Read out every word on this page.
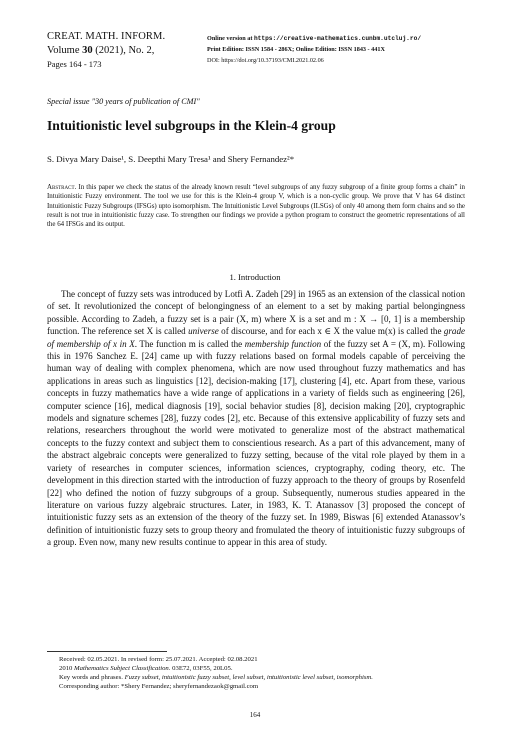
CREAT. MATH. INFORM.
Volume 30 (2021), No. 2,
Pages 164 - 173
Online version at https://creative-mathematics.cunbm.utcluj.ro/
Print Edition: ISSN 1584 - 286X; Online Edition: ISSN 1843 - 441X
DOI: https://doi.org/10.37193/CMI.2021.02.06
Special issue "30 years of publication of CMI"
Intuitionistic level subgroups in the Klein-4 group
S. Divya Mary Daise¹, S. Deepthi Mary Tresa¹ and Shery Fernandez²*
Abstract. In this paper we check the status of the already known result “level subgroups of any fuzzy subgroup of a finite group forms a chain” in Intuitionistic Fuzzy environment. The tool we use for this is the Klein-4 group V, which is a non-cyclic group. We prove that V has 64 distinct Intuitionistic Fuzzy Subgroups (IFSGs) upto isomorphism. The Intuitionistic Level Subgroups (ILSGs) of only 40 among them form chains and so the result is not true in intuitionistic fuzzy case. To strengthen our findings we provide a python program to construct the geometric representations of all the 64 IFSGs and its output.
1. Introduction
The concept of fuzzy sets was introduced by Lotfi A. Zadeh [29] in 1965 as an extension of the classical notion of set. It revolutionized the concept of belongingness of an element to a set by making partial belongingness possible. According to Zadeh, a fuzzy set is a pair (X, m) where X is a set and m : X → [0, 1] is a membership function. The reference set X is called universe of discourse, and for each x ∈ X the value m(x) is called the grade of membership of x in X. The function m is called the membership function of the fuzzy set A = (X, m). Following this in 1976 Sanchez E. [24] came up with fuzzy relations based on formal models capable of perceiving the human way of dealing with complex phenomena, which are now used throughout fuzzy mathematics and has applications in areas such as linguistics [12], decision-making [17], clustering [4], etc. Apart from these, various concepts in fuzzy mathematics have a wide range of applications in a variety of fields such as engineering [26], computer science [16], medical diagnosis [19], social behavior studies [8], decision making [20], cryptographic models and signature schemes [28], fuzzy codes [2], etc. Because of this extensive applicability of fuzzy sets and relations, researchers throughout the world were motivated to generalize most of the abstract mathematical concepts to the fuzzy context and subject them to conscientious research. As a part of this advancement, many of the abstract algebraic concepts were generalized to fuzzy setting, because of the vital role played by them in a variety of researches in computer sciences, information sciences, cryptography, coding theory, etc. The development in this direction started with the introduction of fuzzy approach to the theory of groups by Rosenfeld [22] who defined the notion of fuzzy subgroups of a group. Subsequently, numerous studies appeared in the literature on various fuzzy algebraic structures. Later, in 1983, K. T. Atanassov [3] proposed the concept of intuitionistic fuzzy sets as an extension of the theory of the fuzzy set. In 1989, Biswas [6] extended Atanassov’s definition of intuitionistic fuzzy sets to group theory and fromulated the theory of intuitionistic fuzzy subgroups of a group. Even now, many new results continue to appear in this area of study.

Received: 02.05.2021. In revised form: 25.07.2021. Accepted: 02.08.2021

2010 Mathematics Subject Classification. 03E72, 03F55, 20L05.

Key words and phrases. Fuzzy subset, intuitionistic fuzzy subset, level subset, intuitionistic level subset, isomorphism.

Corresponding author: *Shery Fernandez; sheryfernandezaok@gmail.com

164
